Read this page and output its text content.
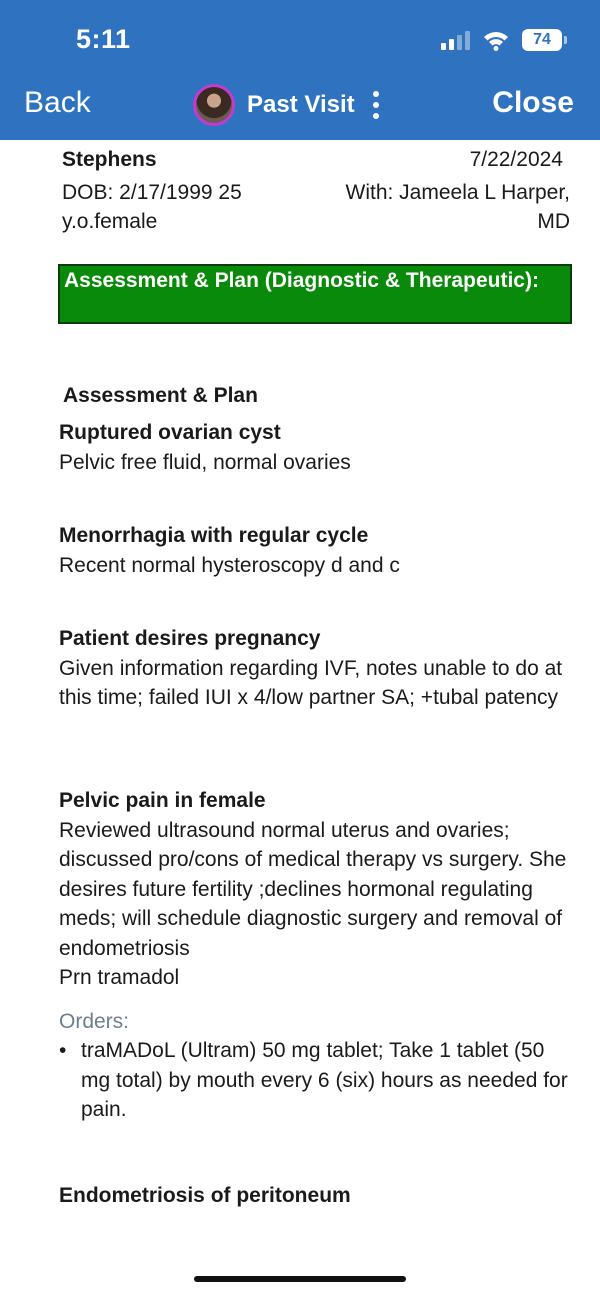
5:11	74
Back	Past Visit	Close
Stephens	7/22/2024
DOB: 2/17/1999 25 y.o.female
With: Jameela L Harper, MD
Assessment & Plan (Diagnostic & Therapeutic):
Assessment & Plan
Ruptured ovarian cyst
Pelvic free fluid, normal ovaries
Menorrhagia with regular cycle
Recent normal hysteroscopy d and c
Patient desires pregnancy
Given information regarding IVF, notes unable to do at this time; failed IUI x 4/low partner SA; +tubal patency
Pelvic pain in female
Reviewed ultrasound normal uterus and ovaries; discussed pro/cons of medical therapy vs surgery. She desires future fertility ;declines hormonal regulating meds; will schedule diagnostic surgery and removal of endometriosis
Prn tramadol
Orders:
• traMADoL (Ultram) 50 mg tablet; Take 1 tablet (50 mg total) by mouth every 6 (six) hours as needed for pain.
Endometriosis of peritoneum
